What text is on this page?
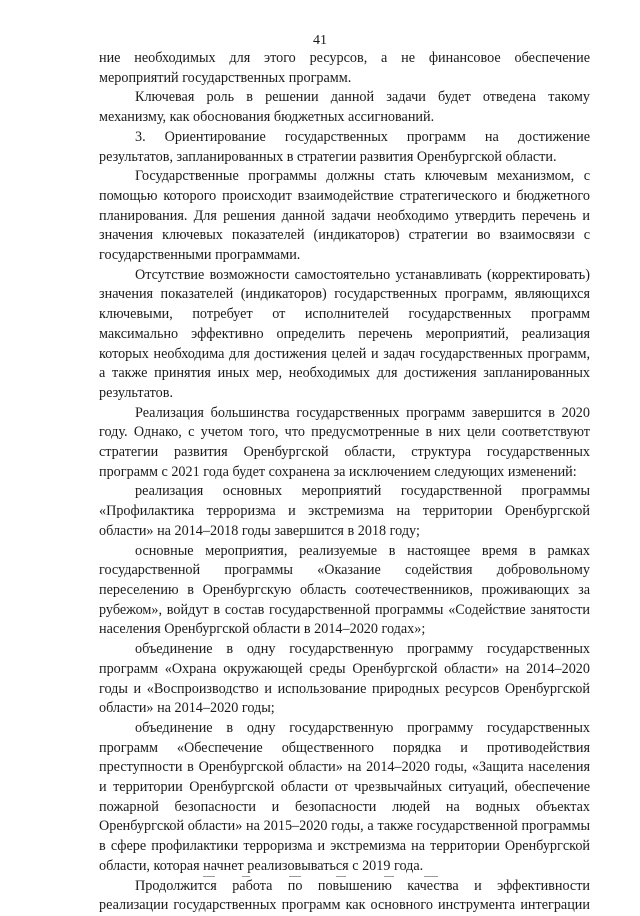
41

ние необходимых для этого ресурсов, а не финансовое обеспечение мероприятий государственных программ.

Ключевая роль в решении данной задачи будет отведена такому механизму, как обоснования бюджетных ассигнований.

3. Ориентирование государственных программ на достижение результатов, запланированных в стратегии развития Оренбургской области.

Государственные программы должны стать ключевым механизмом, с помощью которого происходит взаимодействие стратегического и бюджетного планирования. Для решения данной задачи необходимо утвердить перечень и значения ключевых показателей (индикаторов) стратегии во взаимосвязи с государственными программами.

Отсутствие возможности самостоятельно устанавливать (корректировать) значения показателей (индикаторов) государственных программ, являющихся ключевыми, потребует от исполнителей государственных программ максимально эффективно определить перечень мероприятий, реализация которых необходима для достижения целей и задач государственных программ, а также принятия иных мер, необходимых для достижения запланированных результатов.

Реализация большинства государственных программ завершится в 2020 году. Однако, с учетом того, что предусмотренные в них цели соответствуют стратегии развития Оренбургской области, структура государственных программ с 2021 года будет сохранена за исключением следующих изменений:

реализация основных мероприятий государственной программы «Профилактика терроризма и экстремизма на территории Оренбургской области» на 2014–2018 годы завершится в 2018 году;

основные мероприятия, реализуемые в настоящее время в рамках государственной программы «Оказание содействия добровольному переселению в Оренбургскую область соотечественников, проживающих за рубежом», войдут в состав государственной программы «Содействие занятости населения Оренбургской области в 2014–2020 годах»;

объединение в одну государственную программу государственных программ «Охрана окружающей среды Оренбургской области» на 2014–2020 годы и «Воспроизводство и использование природных ресурсов Оренбургской области» на 2014–2020 годы;

объединение в одну государственную программу государственных программ «Обеспечение общественного порядка и противодействия преступности в Оренбургской области» на 2014–2020 годы, «Защита населения и территории Оренбургской области от чрезвычайных ситуаций, обеспечение пожарной безопасности и безопасности людей на водных объектах Оренбургской области» на 2015–2020 годы, а также государственной программы в сфере профилактики терроризма и экстремизма на территории Оренбургской области, которая начнет реализовываться с 2019 года.

Продолжится работа по повышению качества и эффективности реализации государственных программ как основного инструмента интеграции
